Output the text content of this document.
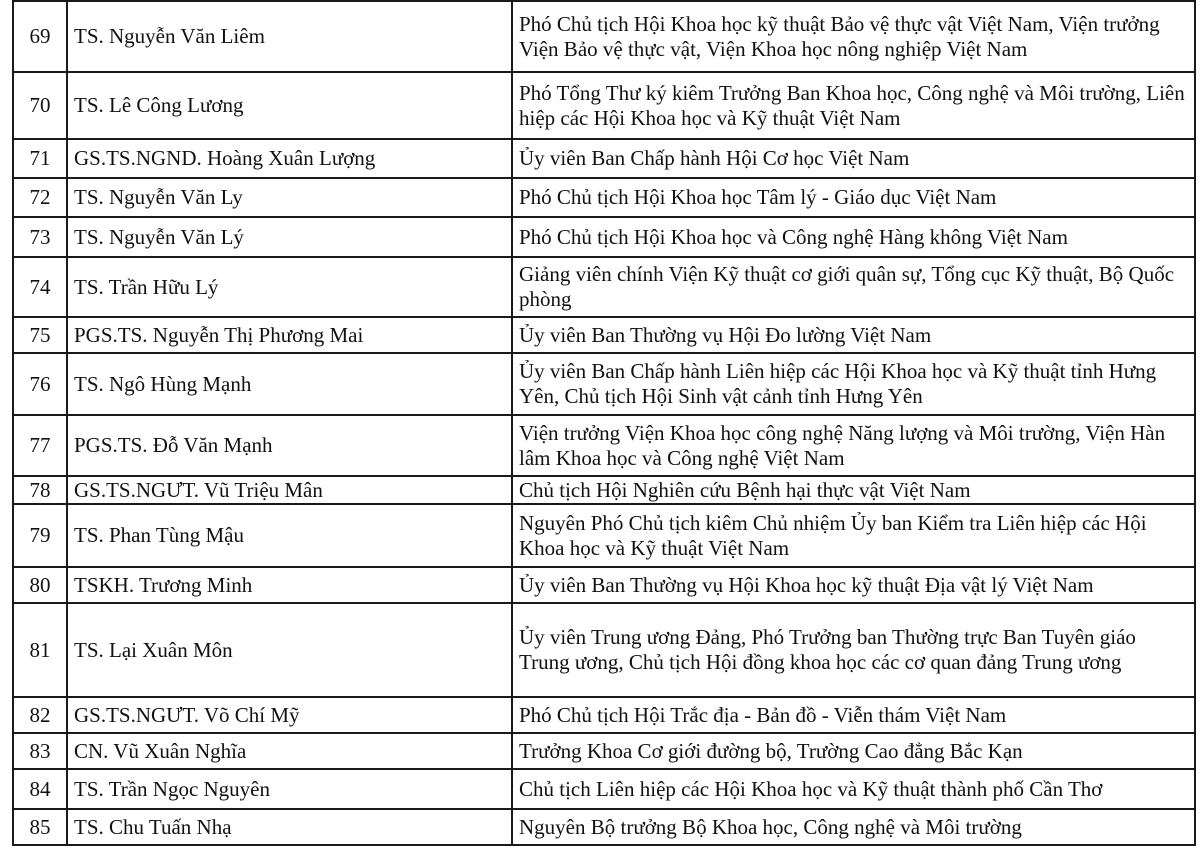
69	TS. Nguyễn Văn Liêm	Phó Chủ tịch Hội Khoa học kỹ thuật Bảo vệ thực vật Việt Nam, Viện trưởng Viện Bảo vệ thực vật, Viện Khoa học nông nghiệp Việt Nam

70	TS. Lê Công Lương	Phó Tổng Thư ký kiêm Trưởng Ban Khoa học, Công nghệ và Môi trường, Liên hiệp các Hội Khoa học và Kỹ thuật Việt Nam

71	GS.TS.NGND. Hoàng Xuân Lượng	Ủy viên Ban Chấp hành Hội Cơ học Việt Nam

72	TS. Nguyễn Văn Ly	Phó Chủ tịch Hội Khoa học Tâm lý - Giáo dục Việt Nam

73	TS. Nguyễn Văn Lý	Phó Chủ tịch Hội Khoa học và Công nghệ Hàng không Việt Nam

74	TS. Trần Hữu Lý	Giảng viên chính Viện Kỹ thuật cơ giới quân sự, Tổng cục Kỹ thuật, Bộ Quốc phòng

75	PGS.TS. Nguyễn Thị Phương Mai	Ủy viên Ban Thường vụ Hội Đo lường Việt Nam

76	TS. Ngô Hùng Mạnh	Ủy viên Ban Chấp hành Liên hiệp các Hội Khoa học và Kỹ thuật tỉnh Hưng Yên, Chủ tịch Hội Sinh vật cảnh tỉnh Hưng Yên

77	PGS.TS. Đỗ Văn Mạnh	Viện trưởng Viện Khoa học công nghệ Năng lượng và Môi trường, Viện Hàn lâm Khoa học và Công nghệ Việt Nam

78	GS.TS.NGƯT. Vũ Triệu Mân	Chủ tịch Hội Nghiên cứu Bệnh hại thực vật Việt Nam

79	TS. Phan Tùng Mậu	Nguyên Phó Chủ tịch kiêm Chủ nhiệm Ủy ban Kiểm tra Liên hiệp các Hội Khoa học và Kỹ thuật Việt Nam

80	TSKH. Trương Minh	Ủy viên Ban Thường vụ Hội Khoa học kỹ thuật Địa vật lý Việt Nam

81	TS. Lại Xuân Môn	Ủy viên Trung ương Đảng, Phó Trưởng ban Thường trực Ban Tuyên giáo Trung ương, Chủ tịch Hội đồng khoa học các cơ quan đảng Trung ương

82	GS.TS.NGƯT. Võ Chí Mỹ	Phó Chủ tịch Hội Trắc địa - Bản đồ - Viễn thám Việt Nam

83	CN. Vũ Xuân Nghĩa	Trưởng Khoa Cơ giới đường bộ, Trường Cao đẳng Bắc Kạn

84	TS. Trần Ngọc Nguyên	Chủ tịch Liên hiệp các Hội Khoa học và Kỹ thuật thành phố Cần Thơ

85	TS. Chu Tuấn Nhạ	Nguyên Bộ trưởng Bộ Khoa học, Công nghệ và Môi trường
